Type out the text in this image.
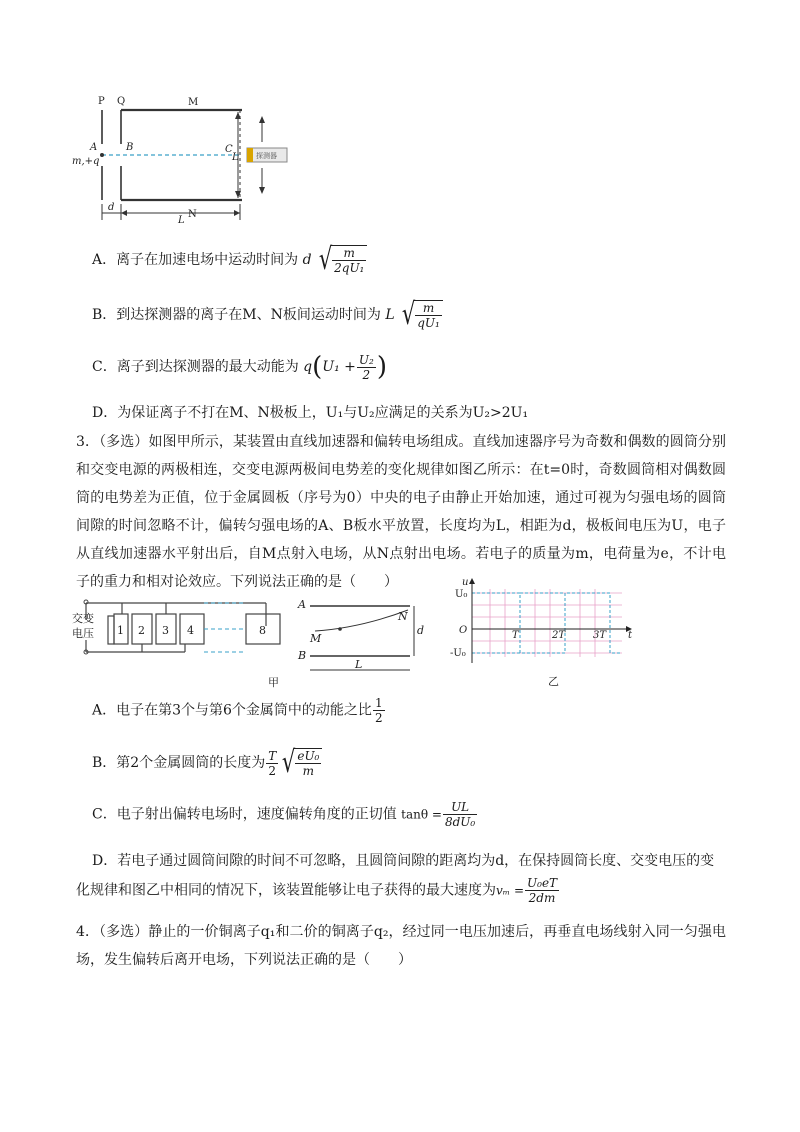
探测器
P Q	M
N
A	B	C
m,+q	L
L
d
A．离子在加速电场中运动时间为 d √ $\frac{m}{\text{2qU₁}}$
B．到达探测器的离子在M、N板间运动时间为 L √ $\frac{m}{\text{qU₁}}$
C．离子到达探测器的最大动能为 $q(U_1 + \frac{\text{U₂}}{2}$ )
D．为保证离子不打在M、N极板上，U₁与U₂应满足的关系为U₂>2U₁
3．（多选）如图甲所示，某装置由直线加速器和偏转电场组成。直线加速器序号为奇数和偶数的圆筒分别和交变电源的两极相连，交变电源两极间电势差的变化规律如图乙所示：在t=0时，奇数圆筒相对偶数圆筒的电势差为正值，位于金属圆板（序号为0）中央的电子由静止开始加速，通过可视为匀强电场的圆筒间隙的时间忽略不计，偏转匀强电场的A、B板水平放置，长度均为L，相距为d，极板间电压为U，电子从直线加速器水平射出后，自M点射入电场，从N点射出电场。若电子的质量为m，电荷量为e，不计电子的重力和相对论效应。下列说法正确的是（　　）
交变
电压 1 2 3 4	8
A
B
M
N
d
L
甲
u
U₀
O
-U₀
T	2T	3T t
乙
A．电子在第3个与第6个金属筒中的动能之比 $\frac{1}{2}$
B．第2个金属圆筒的长度为 $\frac{T}{2}$ √ $\frac{\text{eU₀}}{m}$
C．电子射出偏转电场时，速度偏转角度的正切值 $\tan\theta = \frac{UL}{\text{8dU₀}}$
D．若电子通过圆筒间隙的时间不可忽略，且圆筒间隙的距离均为d，在保持圆筒长度、交变电压的变
化规律和图乙中相同的情况下，该装置能够让电子获得的最大速度为$v_m = \frac{\text{U₀eT}}{2dm}$
4．（多选）静止的一价铜离子q₁和二价的铜离子q₂，经过同一电压加速后，再垂直电场线射入同一匀强电场，发生偏转后离开电场，下列说法正确的是（　　）
